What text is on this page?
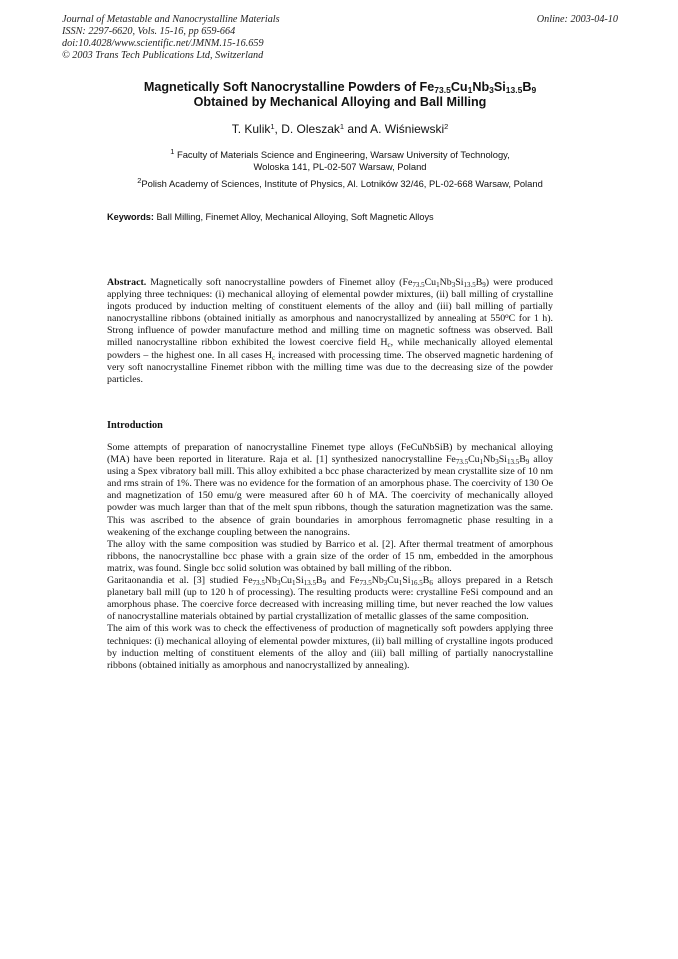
Journal of Metastable and Nanocrystalline Materials
ISSN: 2297-6620, Vols. 15-16, pp 659-664
doi:10.4028/www.scientific.net/JMNM.15-16.659
© 2003 Trans Tech Publications Ltd, Switzerland
Online: 2003-04-10
Magnetically Soft Nanocrystalline Powders of $Fe_{73.5}Cu_1Nb_3Si_{13.5}B_9$
Obtained by Mechanical Alloying and Ball Milling
T. Kulik$^1$, D. Oleszak$^1$ and A. Wiśniewski$^2$
$^1$ Faculty of Materials Science and Engineering, Warsaw University of Technology,
Woloska 141, PL-02-507 Warsaw, Poland
$^2$Polish Academy of Sciences, Institute of Physics, Al. Lotników 32/46, PL-02-668 Warsaw, Poland
Keywords: Ball Milling, Finemet Alloy, Mechanical Alloying, Soft Magnetic Alloys

Abstract. Magnetically soft nanocrystalline powders of Finemet alloy $(Fe_{73.5}Cu_1Nb_3Si_{13.5}B_9)$ were produced applying three techniques: (i) mechanical alloying of elemental powder mixtures, (ii) ball milling of crystalline ingots produced by induction melting of constituent elements of the alloy and (iii) ball milling of partially nanocrystalline ribbons (obtained initially as amorphous and nanocrystallized by annealing at 550$^o$C for 1 h). Strong influence of powder manufacture method and milling time on magnetic softness was observed. Ball milled nanocrystalline ribbon exhibited the lowest coercive field $H_c$, while mechanically alloyed elemental powders – the highest one. In all cases $H_c$ increased with processing time. The observed magnetic hardening of very soft nanocrystalline Finemet ribbon with the milling time was due to the decreasing size of the powder particles.

Introduction

Some attempts of preparation of nanocrystalline Finemet type alloys (FeCuNbSiB) by mechanical alloying (MA) have been reported in literature. Raja et al. [1] synthesized nanocrystalline $Fe_{73.5}Cu_1Nb_3Si_{13.5}B_9$ alloy using a Spex vibratory ball mill. This alloy exhibited a bcc phase characterized by mean crystallite size of 10 nm and rms strain of 1%. There was no evidence for the formation of an amorphous phase. The coercivity of 130 Oe and magnetization of 150 emu/g were measured after 60 h of MA. The coercivity of mechanically alloyed powder was much larger than that of the melt spun ribbons, though the saturation magnetization was the same. This was ascribed to the absence of grain boundaries in amorphous ferromagnetic phase resulting in a weakening of the exchange coupling between the nanograins.

The alloy with the same composition was studied by Barrico et al. [2]. After thermal treatment of amorphous ribbons, the nanocrystalline bcc phase with a grain size of the order of 15 nm, embedded in the amorphous matrix, was found. Single bcc solid solution was obtained by ball milling of the ribbon.

Garitaonandia et al. [3] studied $Fe_{73.5}Nb_3Cu_1Si_{13.5}B_9$ and $Fe_{73.5}Nb_3Cu_1Si_{16.5}B_6$ alloys prepared in a Retsch planetary ball mill (up to 120 h of processing). The resulting products were: crystalline FeSi compound and an amorphous phase. The coercive force decreased with increasing milling time, but never reached the low values of nanocrystalline materials obtained by partial crystallization of metallic glasses of the same composition.

The aim of this work was to check the effectiveness of production of magnetically soft powders applying three techniques: (i) mechanical alloying of elemental powder mixtures, (ii) ball milling of crystalline ingots produced by induction melting of constituent elements of the alloy and (iii) ball milling of partially nanocrystalline ribbons (obtained initially as amorphous and nanocrystallized by annealing).
